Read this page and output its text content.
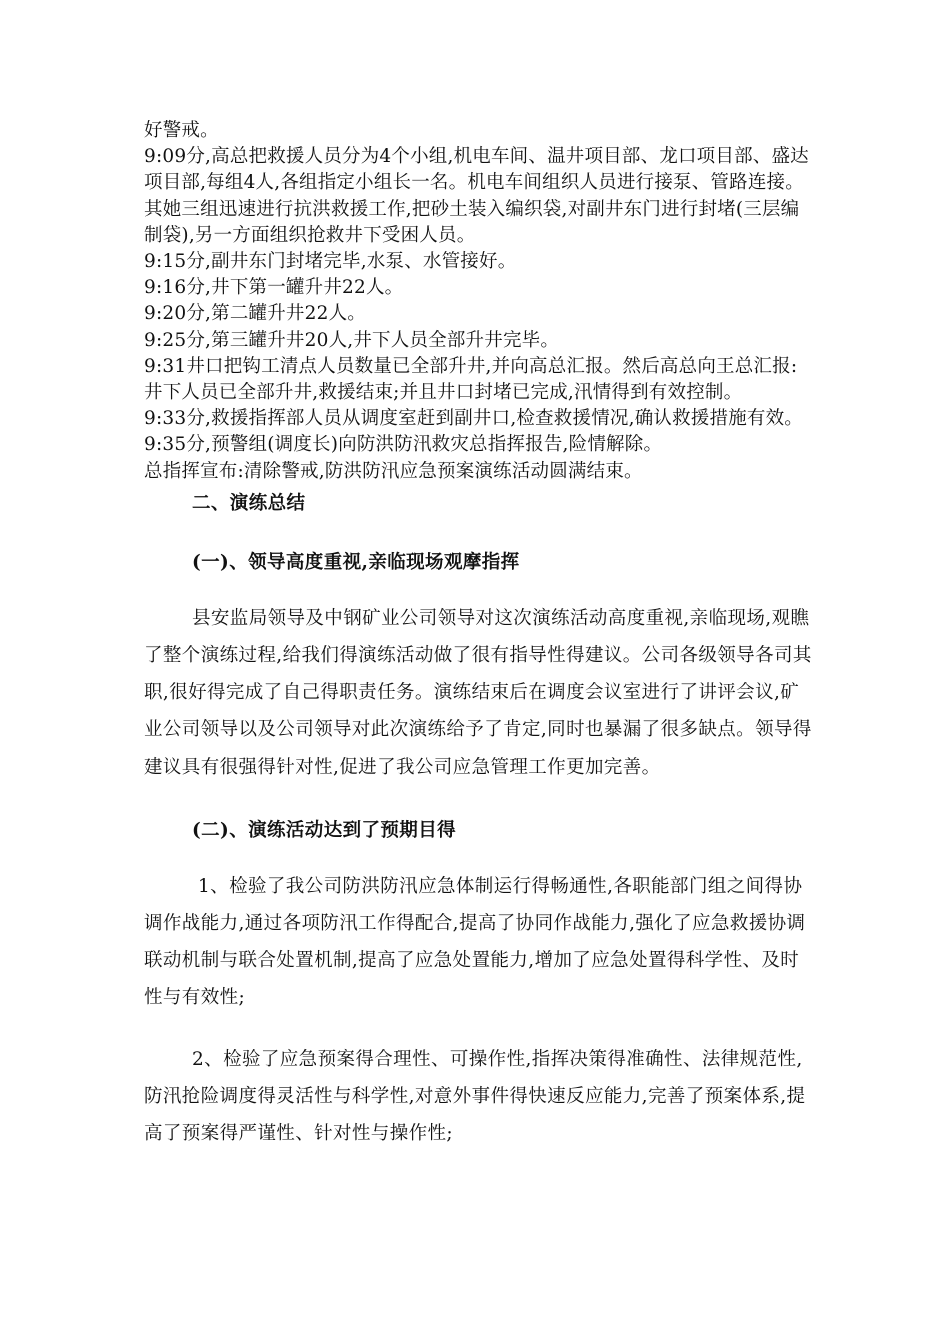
好警戒。

9:09分,高总把救援人员分为4个小组,机电车间、温井项目部、龙口项目部、盛达项目部,每组4人,各组指定小组长一名。机电车间组织人员进行接泵、管路连接。其她三组迅速进行抗洪救援工作,把砂土装入编织袋,对副井东门进行封堵(三层编制袋),另一方面组织抢救井下受困人员。

9:15分,副井东门封堵完毕,水泵、水管接好。

9:16分,井下第一罐升井22人。

9:20分,第二罐升井22人。

9:25分,第三罐升井20人,井下人员全部升井完毕。

9:31井口把钩工清点人员数量已全部升井,并向高总汇报。然后高总向王总汇报:井下人员已全部升井,救援结束;并且井口封堵已完成,汛情得到有效控制。

9:33分,救援指挥部人员从调度室赶到副井口,检查救援情况,确认救援措施有效。

9:35分,预警组(调度长)向防洪防汛救灾总指挥报告,险情解除。

总指挥宣布:清除警戒,防洪防汛应急预案演练活动圆满结束。

二、演练总结
(一)、领导高度重视,亲临现场观摩指挥

县安监局领导及中钢矿业公司领导对这次演练活动高度重视,亲临现场,观瞧了整个演练过程,给我们得演练活动做了很有指导性得建议。公司各级领导各司其职,很好得完成了自己得职责任务。演练结束后在调度会议室进行了讲评会议,矿业公司领导以及公司领导对此次演练给予了肯定,同时也暴漏了很多缺点。领导得建议具有很强得针对性,促进了我公司应急管理工作更加完善。

(二)、演练活动达到了预期目得

1、检验了我公司防洪防汛应急体制运行得畅通性,各职能部门组之间得协调作战能力,通过各项防汛工作得配合,提高了协同作战能力,强化了应急救援协调联动机制与联合处置机制,提高了应急处置能力,增加了应急处置得科学性、及时性与有效性;

2、检验了应急预案得合理性、可操作性,指挥决策得准确性、法律规范性,防汛抢险调度得灵活性与科学性,对意外事件得快速反应能力,完善了预案体系,提高了预案得严谨性、针对性与操作性;
